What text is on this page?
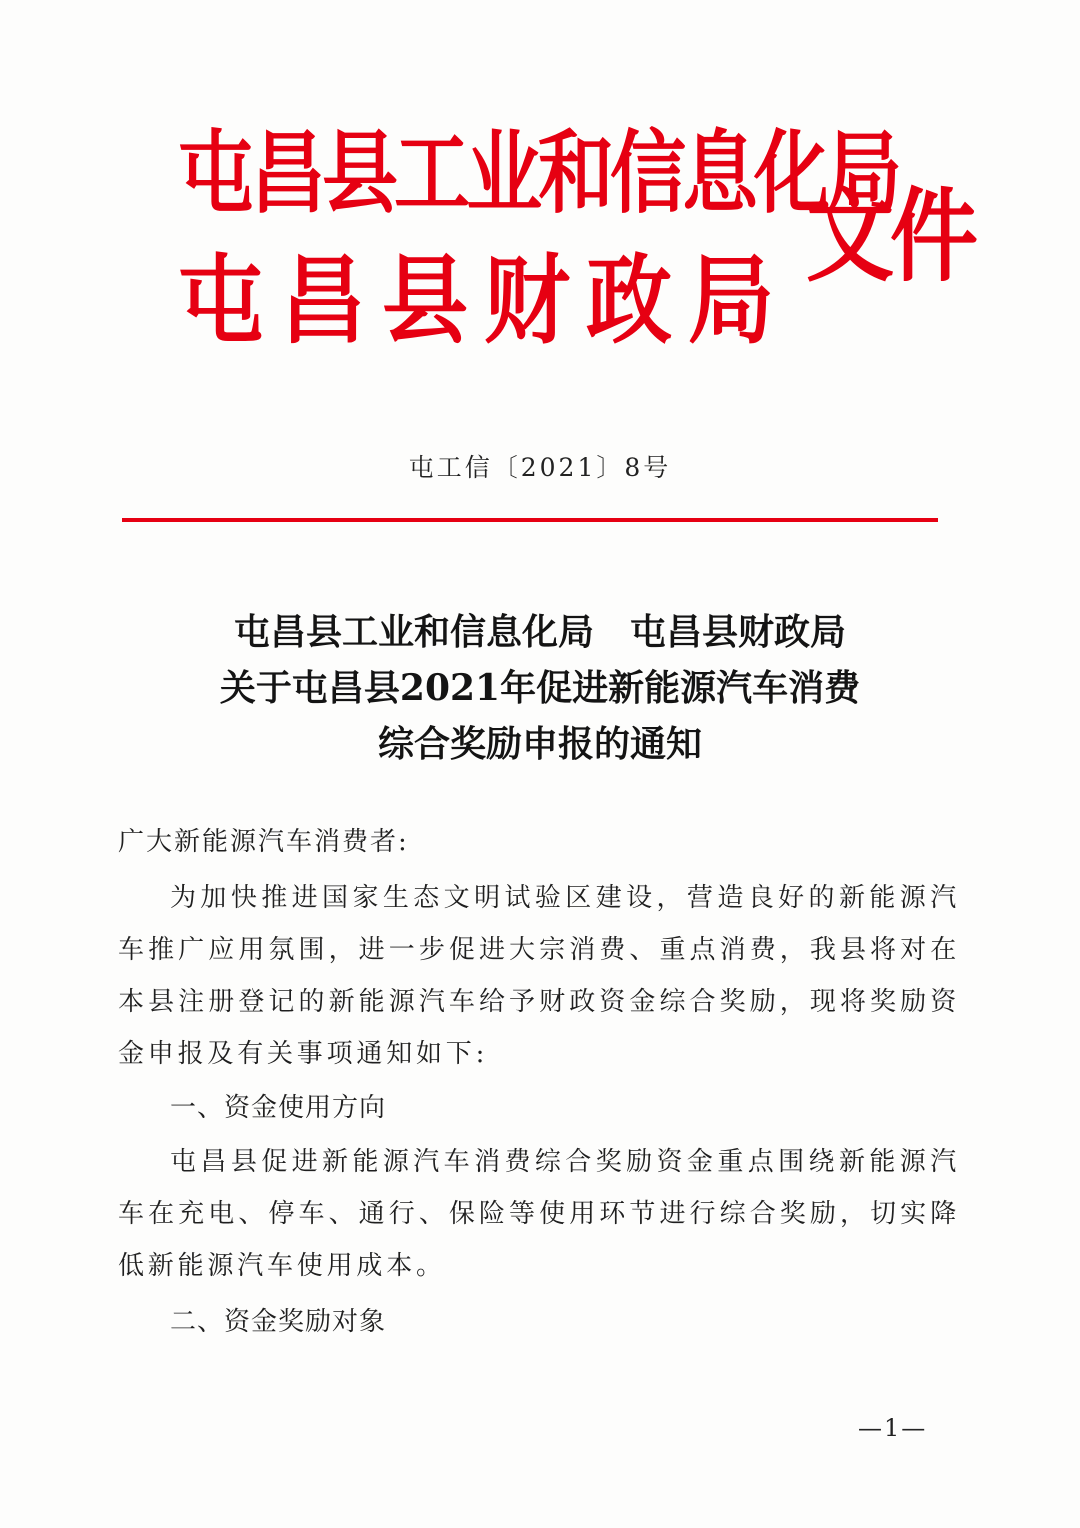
屯昌县工业和信息化局
屯昌县财政局
文件
屯工信〔2021〕8号
屯昌县工业和信息化局　屯昌县财政局
关于屯昌县2021年促进新能源汽车消费
综合奖励申报的通知
广大新能源汽车消费者:
为加快推进国家生态文明试验区建设，营造良好的新能源汽车推广应用氛围，进一步促进大宗消费、重点消费，我县将对在本县注册登记的新能源汽车给予财政资金综合奖励，现将奖励资金申报及有关事项通知如下:
一、资金使用方向
屯昌县促进新能源汽车消费综合奖励资金重点围绕新能源汽车在充电、停车、通行、保险等使用环节进行综合奖励，切实降低新能源汽车使用成本。
二、资金奖励对象
—1—
